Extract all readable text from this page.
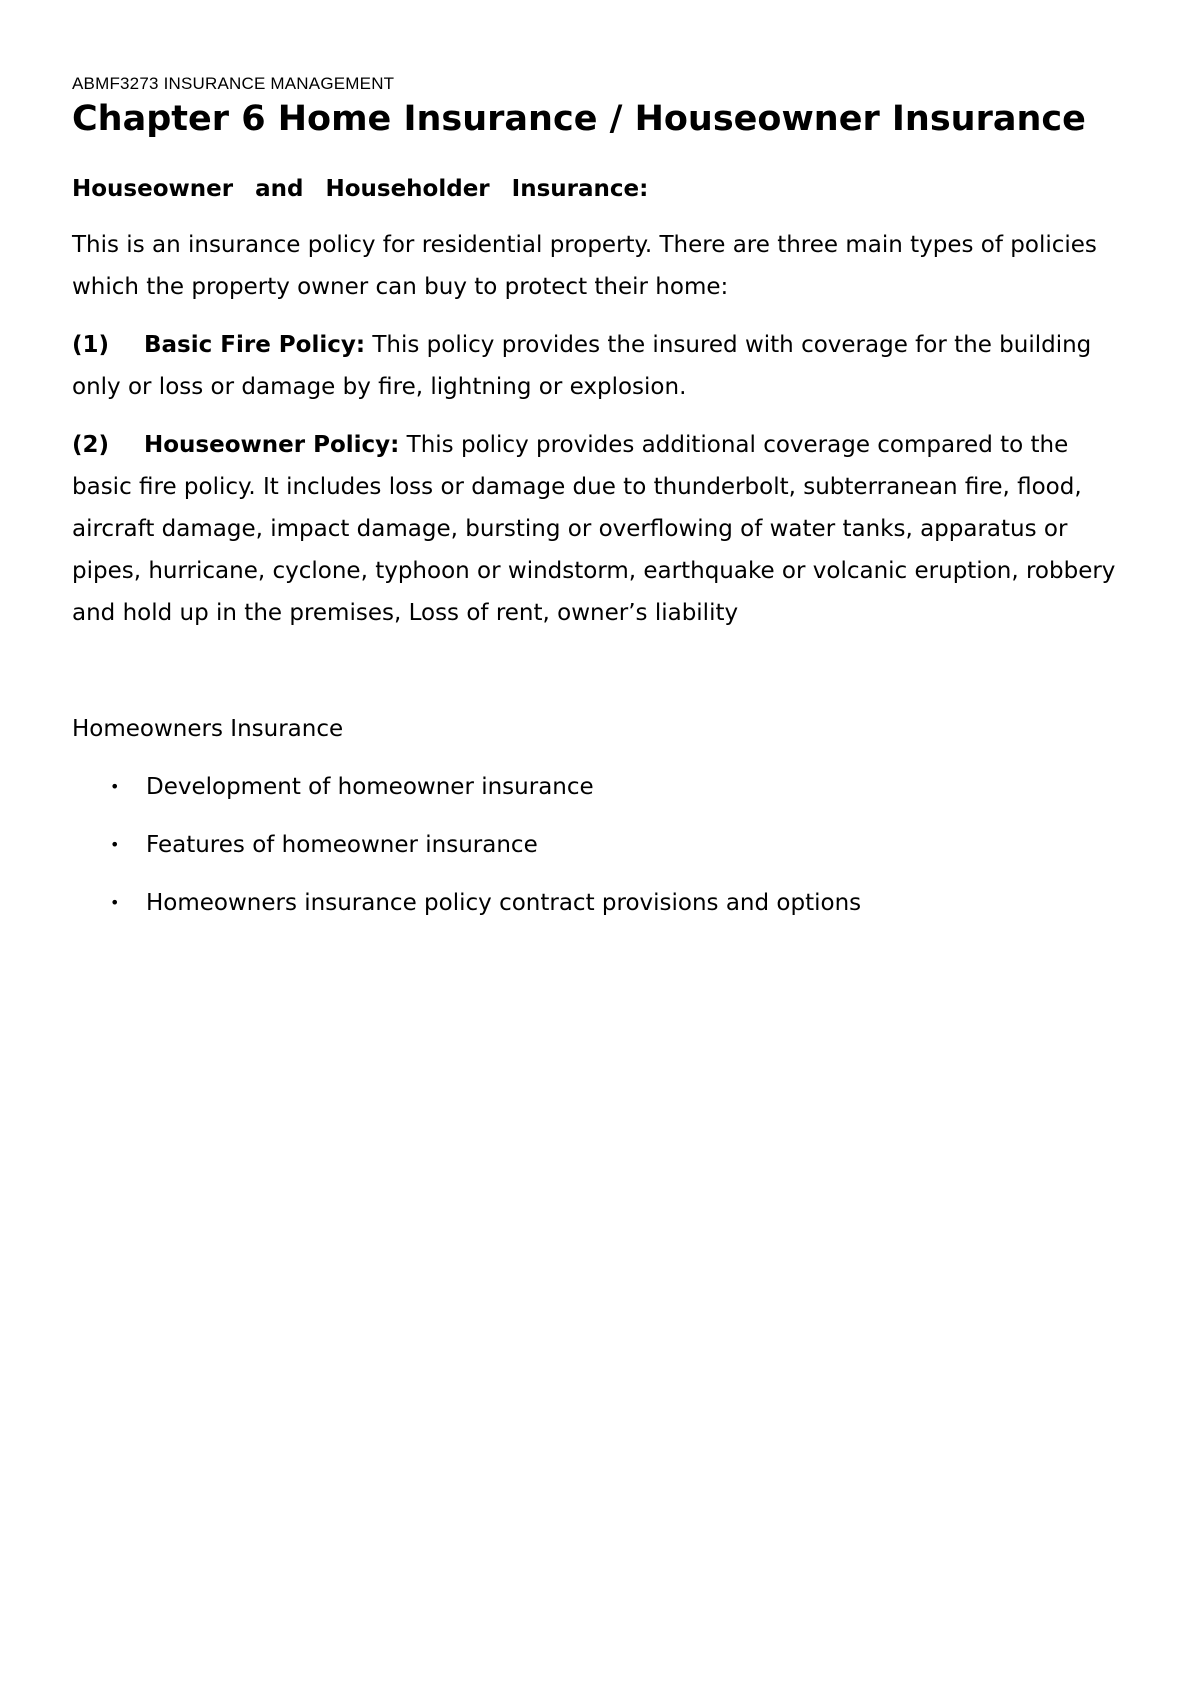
ABMF3273 INSURANCE MANAGEMENT

Chapter 6 Home Insurance / Houseowner Insurance

Houseowner and Householder Insurance:

This is an insurance policy for residential property. There are three main types of policies which the property owner can buy to protect their home:

(1) Basic Fire Policy: This policy provides the insured with coverage for the building only or loss or damage by fire, lightning or explosion.

(2) Houseowner Policy: This policy provides additional coverage compared to the basic fire policy. It includes loss or damage due to thunderbolt, subterranean fire, flood, aircraft damage, impact damage, bursting or overflowing of water tanks, apparatus or pipes, hurricane, cyclone, typhoon or windstorm, earthquake or volcanic eruption, robbery and hold up in the premises, Loss of rent, owner’s liability

Homeowners Insurance

• Development of homeowner insurance
• Features of homeowner insurance
• Homeowners insurance policy contract provisions and options
